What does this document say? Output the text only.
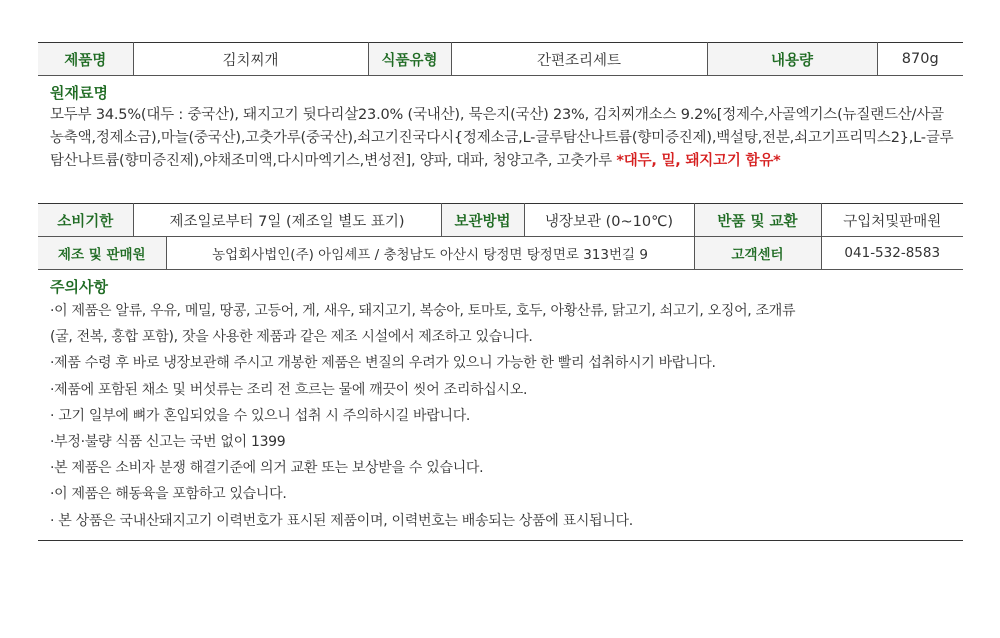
제품명	김치찌개	식품유형	간편조리세트	내용량	870g
원재료명
모두부 34.5%(대두 : 중국산), 돼지고기 뒷다리살23.0% (국내산), 묵은지(국산) 23%, 김치찌개소스 9.2%[정제수,사골엑기스(뉴질랜드산/사골농축액,정제소금),마늘(중국산),고춧가루(중국산),쇠고기진국다시{정제소금,L-글루탐산나트륨(향미증진제),백설탕,전분,쇠고기프리믹스2},L-글루탐산나트륨(향미증진제),야채조미액,다시마엑기스,변성전], 양파, 대파, 청양고추, 고춧가루 *대두, 밀, 돼지고기 함유*
소비기한	제조일로부터 7일 (제조일 별도 표기)	보관방법	냉장보관 (0~10℃)	반품 및 교환	구입처및판매원
제조 및 판매원	농업회사법인(주) 아임셰프 / 충청남도 아산시 탕정면 탕정면로 313번길 9	고객센터	041-532-8583
주의사항
·이 제품은 알류, 우유, 메밀, 땅콩, 고등어, 게, 새우, 돼지고기, 복숭아, 토마토, 호두, 아황산류, 닭고기, 쇠고기, 오징어, 조개류
(굴, 전복, 홍합 포함), 잣을 사용한 제품과 같은 제조 시설에서 제조하고 있습니다.
·제품 수령 후 바로 냉장보관해 주시고 개봉한 제품은 변질의 우려가 있으니 가능한 한 빨리 섭취하시기 바랍니다.
·제품에 포함된 채소 및 버섯류는 조리 전 흐르는 물에 깨끗이 씻어 조리하십시오.
· 고기 일부에 뼈가 혼입되었을 수 있으니 섭취 시 주의하시길 바랍니다.
·부정·불량 식품 신고는 국번 없이 1399
·본 제품은 소비자 분쟁 해결기준에 의거 교환 또는 보상받을 수 있습니다.
·이 제품은 해동육을 포함하고 있습니다.
· 본 상품은 국내산돼지고기 이력번호가 표시된 제품이며, 이력번호는 배송되는 상품에 표시됩니다.
